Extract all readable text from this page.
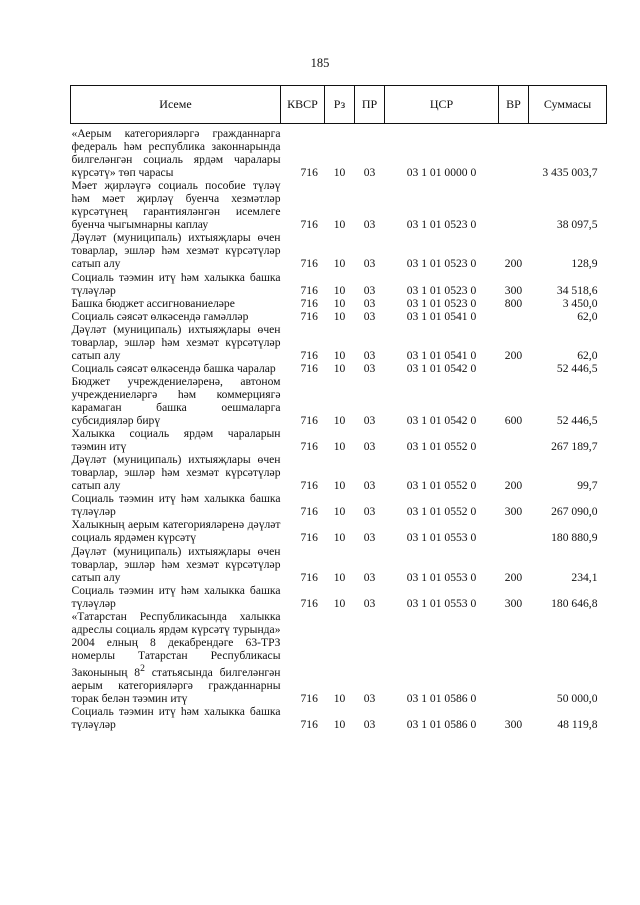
185
Исеме	КВСР	Рз	ПР	ЦСР	ВР	Суммасы
«Аерым категорияләргә гражданнарга федераль һәм республика законнарында билгеләнгән социаль ярдәм чаралары күрсәтү» төп чарасы	716	10	03	03 1 01 0000 0		3 435 003,7
Мәет җирләүгә социаль пособие түләү һәм мәет җирләү буенча хезмәтләр күрсәтүнең гарантияләнгән исемлеге буенча чыгымнарны каплау	716	10	03	03 1 01 0523 0		38 097,5
Дәүләт (муниципаль) ихтыяҗлары өчен товарлар, эшләр һәм хезмәт күрсәтүләр сатып алу	716	10	03	03 1 01 0523 0	200	128,9
Социаль тәэмин итү һәм халыкка башка түләүләр	716	10	03	03 1 01 0523 0	300	34 518,6
Башка бюджет ассигнованиеләре	716	10	03	03 1 01 0523 0	800	3 450,0
Социаль сәясәт өлкәсендә гамәлләр	716	10	03	03 1 01 0541 0		62,0
Дәүләт (муниципаль) ихтыяҗлары өчен товарлар, эшләр һәм хезмәт күрсәтүләр сатып алу	716	10	03	03 1 01 0541 0	200	62,0
Социаль сәясәт өлкәсендә башка чаралар	716	10	03	03 1 01 0542 0		52 446,5
Бюджет учреждениеләренә, автоном учреждениеләргә һәм коммерциягә карамаган башка оешмаларга субсидияләр бирү	716	10	03	03 1 01 0542 0	600	52 446,5
Халыкка социаль ярдәм чараларын тәэмин итү	716	10	03	03 1 01 0552 0		267 189,7
Дәүләт (муниципаль) ихтыяҗлары өчен товарлар, эшләр һәм хезмәт күрсәтүләр сатып алу	716	10	03	03 1 01 0552 0	200	99,7
Социаль тәэмин итү һәм халыкка башка түләүләр	716	10	03	03 1 01 0552 0	300	267 090,0
Халыкның аерым категорияләренә дәүләт социаль ярдәмен күрсәтү	716	10	03	03 1 01 0553 0		180 880,9
Дәүләт (муниципаль) ихтыяҗлары өчен товарлар, эшләр һәм хезмәт күрсәтүләр сатып алу	716	10	03	03 1 01 0553 0	200	234,1
Социаль тәэмин итү һәм халыкка башка түләүләр	716	10	03	03 1 01 0553 0	300	180 646,8
«Татарстан Республикасында халыкка адреслы социаль ярдәм күрсәтү турында» 2004 елның 8 декабрендәге 63-ТРЗ номерлы Татарстан Республикасы Законының $8^2$ статьясында билгеләнгән аерым категорияләргә гражданнарны торак белән тәэмин итү	716	10	03	03 1 01 0586 0		50 000,0
Социаль тәэмин итү һәм халыкка башка түләүләр	716	10	03	03 1 01 0586 0	300	48 119,8
